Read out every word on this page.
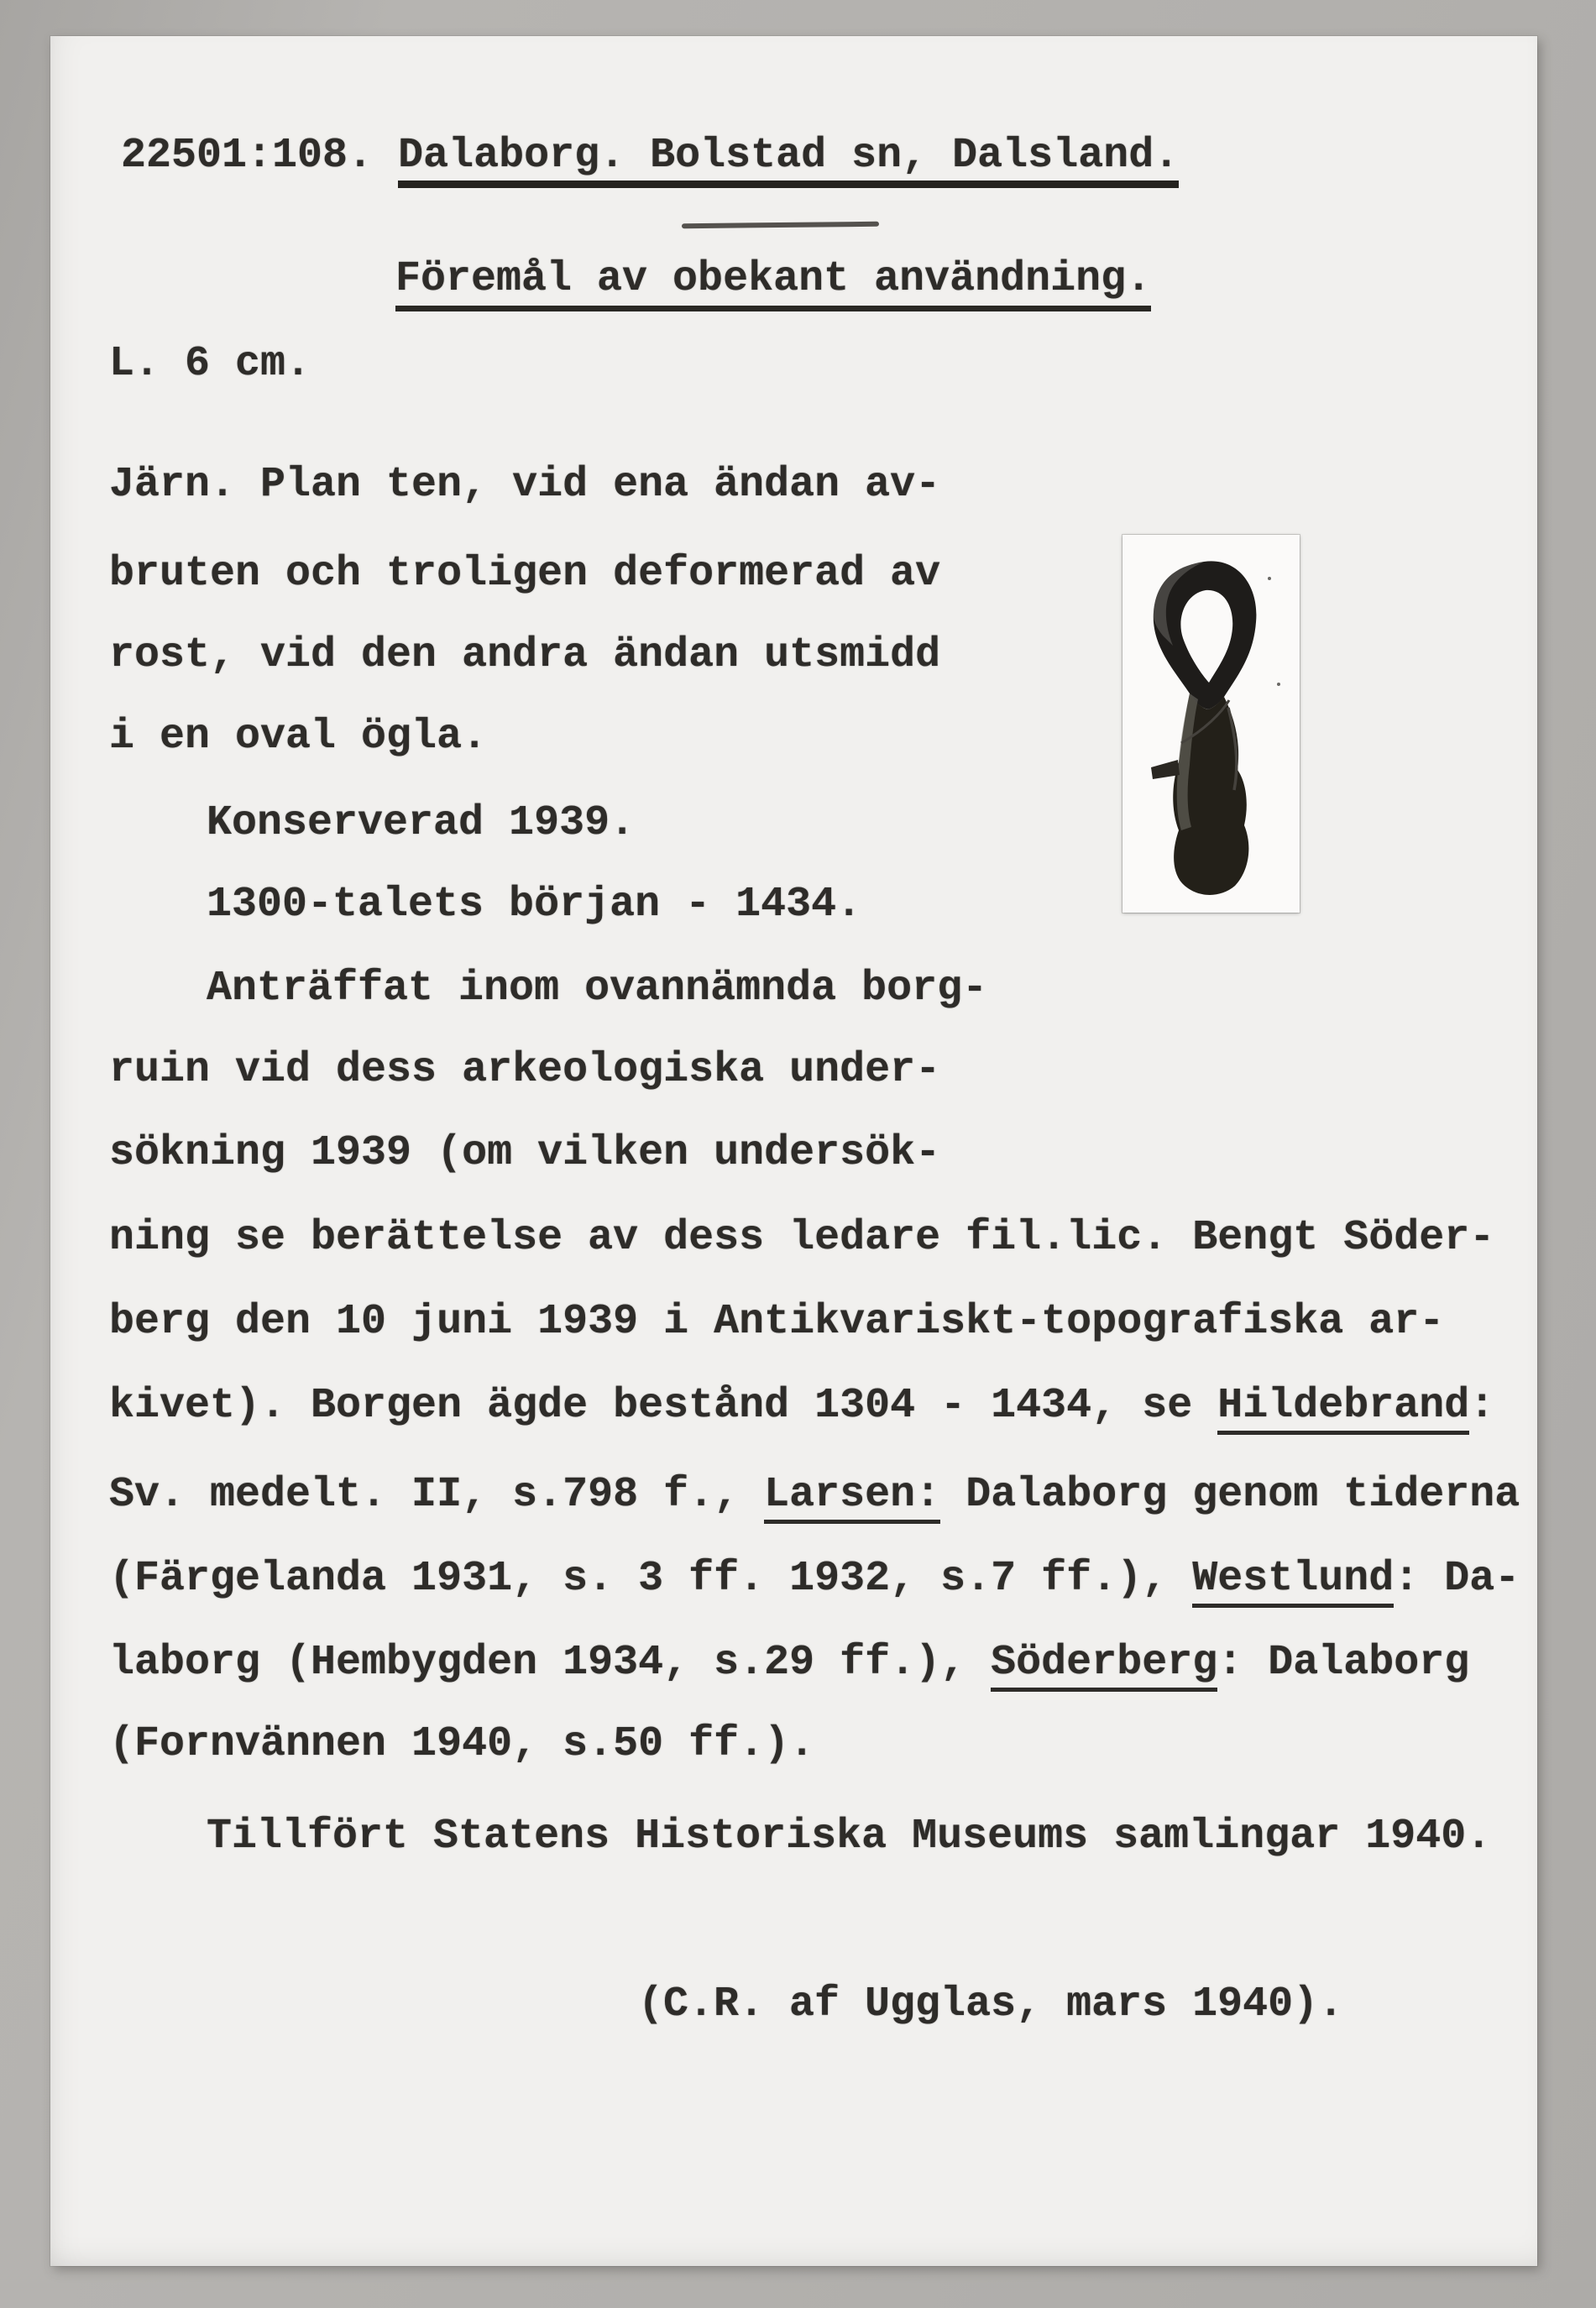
22501:108. Dalaborg. Bolstad sn, Dalsland.
Föremål av obekant användning.
L. 6 cm.
Järn. Plan ten, vid ena ändan av-
bruten och troligen deformerad av
rost, vid den andra ändan utsmidd
i en oval ögla.
Konserverad 1939.
1300-talets början - 1434.
Anträffat inom ovannämnda borg-
ruin vid dess arkeologiska under-
sökning 1939 (om vilken undersök-
ning se berättelse av dess ledare fil.lic. Bengt Söder-
berg den 10 juni 1939 i Antikvariskt-topografiska ar-
kivet). Borgen ägde bestånd 1304 - 1434, se Hildebrand:
Sv. medelt. II, s.798 f., Larsen: Dalaborg genom tiderna
(Färgelanda 1931, s. 3 ff. 1932, s.7 ff.), Westlund: Da-
laborg (Hembygden 1934, s.29 ff.), Söderberg: Dalaborg
(Fornvännen 1940, s.50 ff.).
Tillfört Statens Historiska Museums samlingar 1940.
(C.R. af Ugglas, mars 1940).
